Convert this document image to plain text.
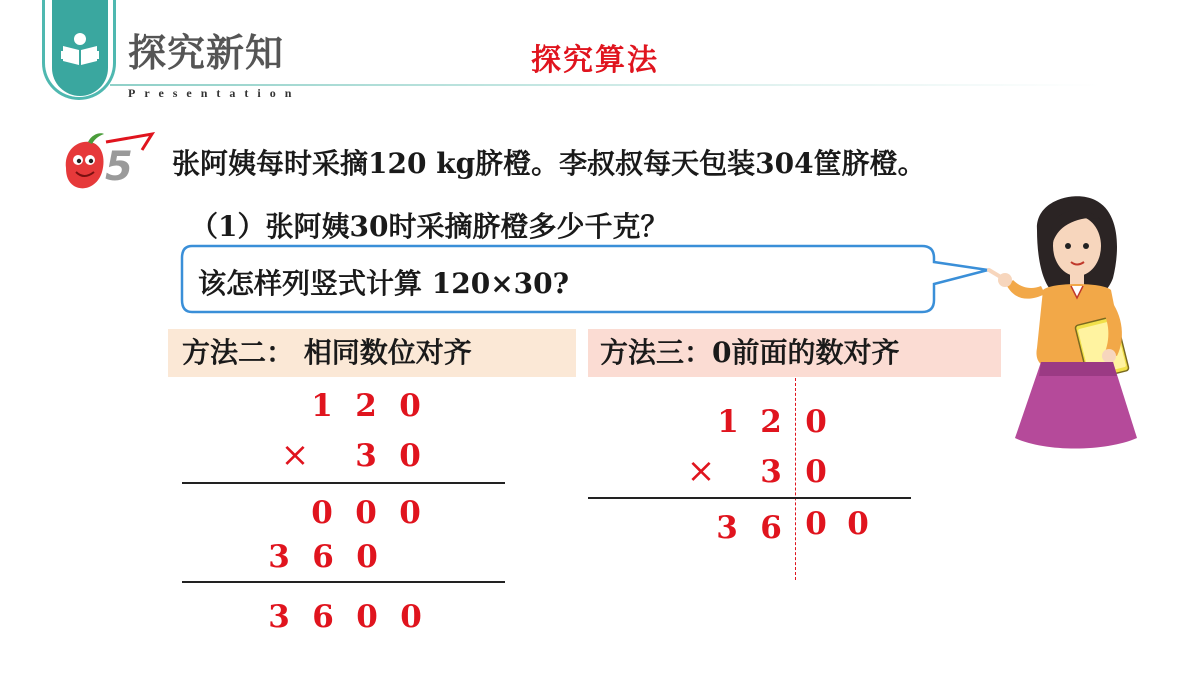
探究新知
Presentation
探究算法
5 张阿姨每时采摘120 kg脐橙。李叔叔每天包装304筐脐橙。
（1）张阿姨30时采摘脐橙多少千克？
该怎样列竖式计算 120×30?
方法二： 相同数位对齐	方法三：0前面的数对齐
1 2 0
× 3 0
0 0 0
3 6 0
3 6 0 0
1 2 0
× 3 0
3 6 0 0
